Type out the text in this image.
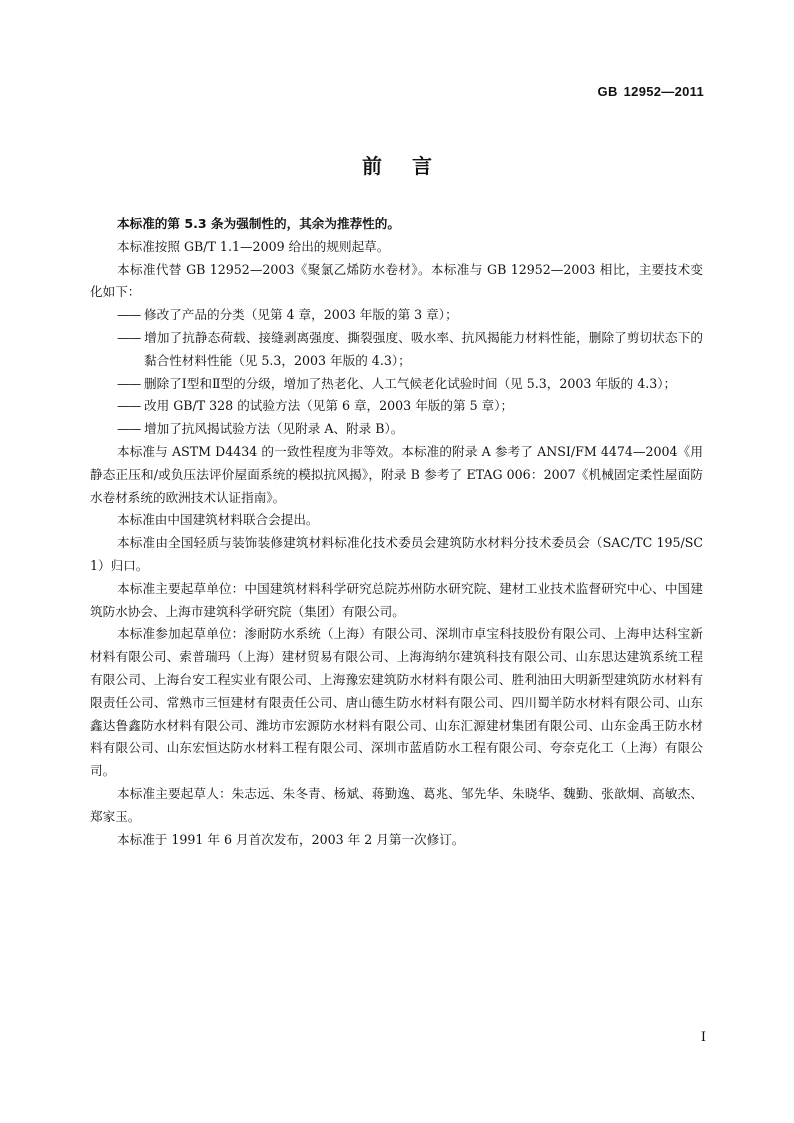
GB 12952—2011
前言

本标准的第 5.3 条为强制性的，其余为推荐性的。

本标准按照 GB/T 1.1—2009 给出的规则起草。

本标准代替 GB 12952—2003《聚氯乙烯防水卷材》。本标准与 GB 12952—2003 相比，主要技术变化如下：

—— 修改了产品的分类（见第 4 章，2003 年版的第 3 章）；

—— 增加了抗静态荷载、接缝剥离强度、撕裂强度、吸水率、抗风揭能力材料性能，删除了剪切状态下的黏合性材料性能（见 5.3，2003 年版的 4.3）；

—— 删除了Ⅰ型和Ⅱ型的分级，增加了热老化、人工气候老化试验时间（见 5.3，2003 年版的 4.3）；

—— 改用 GB/T 328 的试验方法（见第 6 章，2003 年版的第 5 章）；

—— 增加了抗风揭试验方法（见附录 A、附录 B）。

本标准与 ASTM D4434 的一致性程度为非等效。本标准的附录 A 参考了 ANSI/FM 4474—2004《用静态正压和/或负压法评价屋面系统的模拟抗风揭》，附录 B 参考了 ETAG 006：2007《机械固定柔性屋面防水卷材系统的欧洲技术认证指南》。

本标准由中国建筑材料联合会提出。

本标准由全国轻质与装饰装修建筑材料标准化技术委员会建筑防水材料分技术委员会（SAC/TC 195/SC 1）归口。

本标准主要起草单位：中国建筑材料科学研究总院苏州防水研究院、建材工业技术监督研究中心、中国建筑防水协会、上海市建筑科学研究院（集团）有限公司。

本标准参加起草单位：渗耐防水系统（上海）有限公司、深圳市卓宝科技股份有限公司、上海申达科宝新材料有限公司、索普瑞玛（上海）建材贸易有限公司、上海海纳尔建筑科技有限公司、山东思达建筑系统工程有限公司、上海台安工程实业有限公司、上海豫宏建筑防水材料有限公司、胜利油田大明新型建筑防水材料有限责任公司、常熟市三恒建材有限责任公司、唐山德生防水材料有限公司、四川蜀羊防水材料有限公司、山东鑫达鲁鑫防水材料有限公司、潍坊市宏源防水材料有限公司、山东汇源建材集团有限公司、山东金禹王防水材料有限公司、山东宏恒达防水材料工程有限公司、深圳市蓝盾防水工程有限公司、夸奈克化工（上海）有限公司。

本标准主要起草人：朱志远、朱冬青、杨斌、蒋勤逸、葛兆、邹先华、朱晓华、魏勤、张歆炯、高敏杰、郑家玉。

本标准于 1991 年 6 月首次发布，2003 年 2 月第一次修订。

I
